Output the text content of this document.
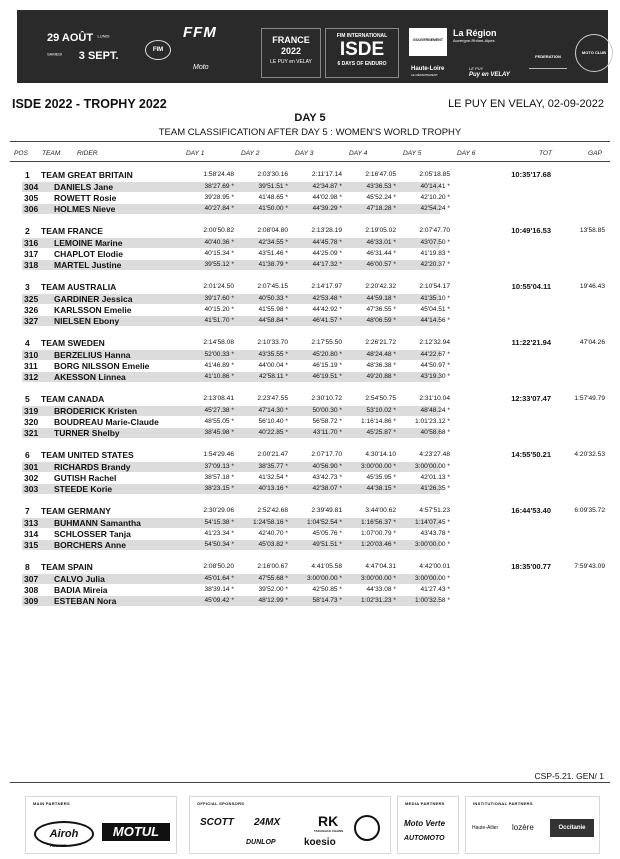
29 AOÛT LUNDI
SAMEDI 3 SEPT.	FIM
FFM
Moto
FRANCE 2022
LE PUY en VELAY
FIM INTERNATIONAL
ISDE
6 DAYS OF ENDURO
GOUVERNEMENT
La Région
Auvergne-Rhône-Alpes
Haute-Loire
LE DÉPARTEMENT
LE PUY
Puy en VELAY
FEDERATION
MOTO CLUB
ISDE 2022 - TROPHY 2022	LE PUY EN VELAY, 02-09-2022
DAY 5
TEAM CLASSIFICATION AFTER DAY 5 : WOMEN'S WORLD TROPHY
POS TEAM	RIDER	DAY 1	DAY 2	DAY 3	DAY 4	DAY 5	DAY 6	TOT	GAP
1 TEAM GREAT BRITAIN	1:58'24.48	2:03'30.16	2:11'17.14	2:16'47.05	2:05'18.85	10:35'17.68
304 DANIELS Jane	38'27.69 *	39'51.51 *	42'34.87 *	43'36.53 *	40'14.41 *
305 ROWETT Rosie	39'28.95 *	41'48.65 *	44'02.98 *	45'52.24 *	42'10.20 *
306 HOLMES Nieve	40'27.84 *	41'50.00 *	44'39.29 *	47'18.28 *	42'54.24 *
2 TEAM FRANCE	2:00'50.82	2:08'04.80	2:13'28.19	2:19'05.02	2:07'47.70	10:49'16.53	13'58.85
316 LEMOINE Marine	40'40.36 *	42'34.55 *	44'45.78 *	46'33.01 *	43'07.50 *
317 CHAPLOT Elodie	40'15.34 *	43'51.46 *	44'25.09 *	46'31.44 *	41'19.83 *
318 MARTEL Justine	39'55.12 *	41'38.79 *	44'17.32 *	46'00.57 *	42'20.37 *
3 TEAM AUSTRALIA	2:01'24.50	2:07'45.15	2:14'17.97	2:20'42.32	2:10'54.17	10:55'04.11	19'46.43
325 GARDINER Jessica	39'17.60 *	40'50.33 *	42'53.48 *	44'59.18 *	41'35.10 *
326 KARLSSON Emelie	40'15.20 *	41'55.98 *	44'42.92 *	47'36.55 *	45'04.51 *
327 NIELSEN Ebony	41'51.70 *	44'58.84 *	46'41.57 *	48'06.59 *	44'14.56 *
4 TEAM SWEDEN	2:14'58.08	2:10'33.70	2:17'55.50	2:26'21.72	2:12'32.94	11:22'21.94	47'04.26
310 BERZELIUS Hanna	52'00.33 *	43'35.55 *	45'20.80 *	48'24.48 *	44'22.67 *
311 BORG NILSSON Emelie	41'46.89 *	44'00.04 *	46'15.19 *	48'36.38 *	44'50.97 *
312 AKESSON Linnea	41'10.86 *	42'58.11 *	46'19.51 *	49'20.88 *	43'19.30 *
5 TEAM CANADA	2:13'08.41	2:23'47.55	2:30'10.72	2:54'50.75	2:31'10.04	12:33'07.47	1:57'49.79
319 BRODERICK Kristen	45'27.38 *	47'14.30 *	50'00.30 *	53'10.02 *	48'48.24 *
320 BOUDREAU Marie-Claude	48'55.05 *	56'10.40 *	56'58.72 *	1:16'14.86 *	1:01'23.12 *
321 TURNER Shelby	38'45.98 *	40'22.85 *	43'11.70 *	45'25.87 *	40'58.68 *
6 TEAM UNITED STATES	1:54'29.46	2:00'21.47	2:07'17.70	4:30'14.10	4:23'27.48	14:55'50.21	4:20'32.53
301 RICHARDS Brandy	37'09.13 *	38'35.77 *	40'56.90 *	3:00'00.00 *	3:00'00.00 *
302 GUTISH Rachel	38'57.18 *	41'32.54 *	43'42.73 *	45'35.95 *	42'01.13 *
303 STEEDE Korie	38'23.15 *	40'13.16 *	42'38.07 *	44'38.15 *	41'26.35 *
7 TEAM GERMANY	2:30'29.06	2:52'42.68	2:39'49.81	3:44'00.62	4:57'51.23	16:44'53.40	6:09'35.72
313 BUHMANN Samantha	54'15.38 *	1:24'58.16 *	1:04'52.54 *	1:16'56.37 *	1:14'07.45 *
314 SCHLOSSER Tanja	41'23.34 *	42'40.70 *	45'05.76 *	1:07'00.79 *	43'43.78 *
315 BORCHERS Anne	54'50.34 *	45'03.82 *	49'51.51 *	1:20'03.46 *	3:00'00.00 *
8 TEAM SPAIN	2:08'50.20	2:16'00.67	4:41'05.58	4:47'04.31	4:42'00.01	18:35'00.77	7:59'43.09
307 CALVO Julia	45'01.64 *	47'55.68 *	3:00'00.00 *	3:00'00.00 *	3:00'00.00 *
308 BADIA Mireia	38'39.14 *	39'52.00 *	42'50.85 *	44'33.08 *	41'27.43 *
309 ESTEBAN Nora	45'09.42 *	48'12.99 *	58'14.73 *	1:02'31.23 *	1:00'32.58 *
CSP-5.21. GEN/ 1
MAIN PARTNERS
Airoh
HELMET
MOTUL
OFFICIAL SPONSORS
SCOTT 24MX	RK
TAKASAGO CHAINS
DUNLOP	koesio
MEDIA PARTNERS
Moto Verte
AUTOMOTO
INSTITUTIONAL PARTNERS
Haute-Allier lozère	Occitanie
